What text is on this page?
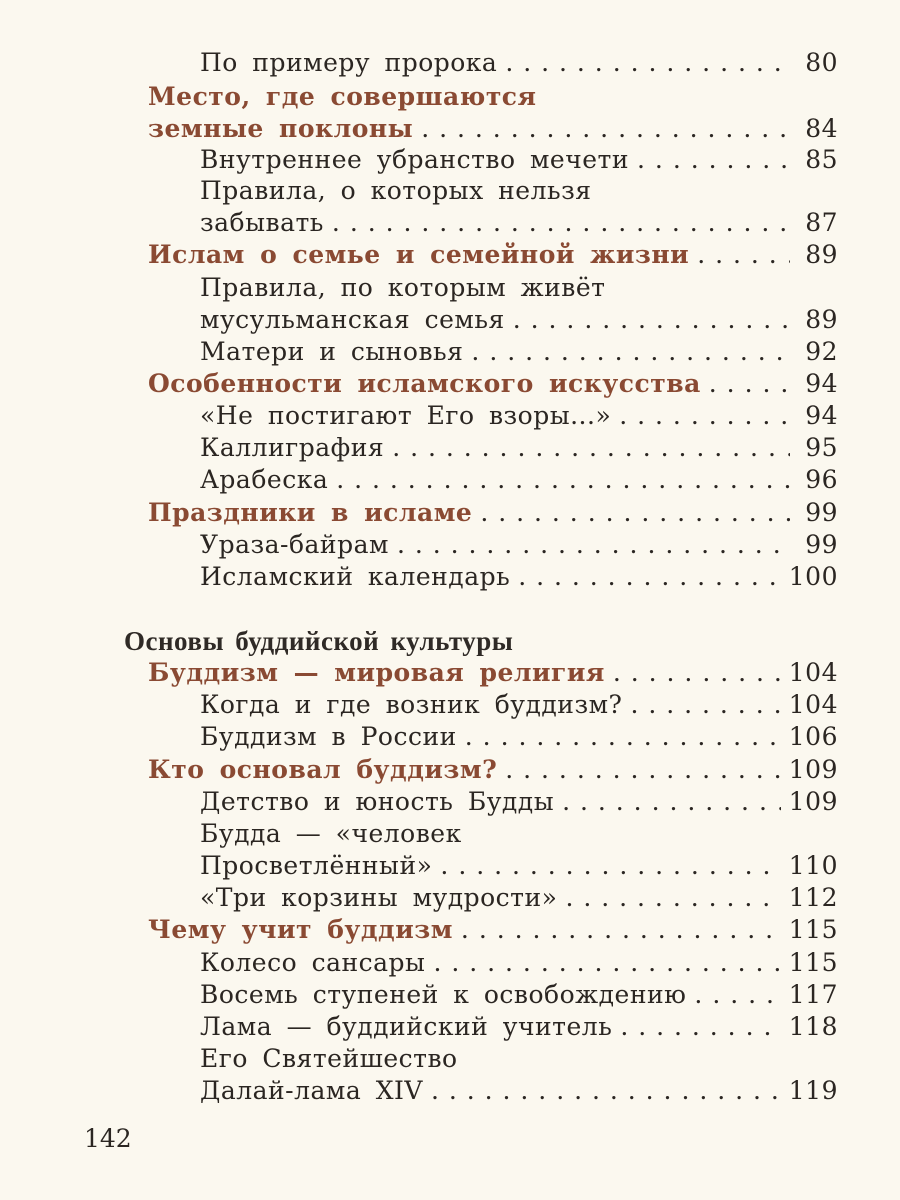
По примеру пророка . . .	80
Место, где совершаются
земные поклоны . . .	84
Внутреннее убранство мечети . . .	85
Правила, о которых нельзя
забывать . . .	87
Ислам о семье и семейной жизни . . .	89
Правила, по которым живёт
мусульманская семья . . .	89
Матери и сыновья . . .	92
Особенности исламского искусства . . .	94
«Не постигают Его взоры...» . . .	94
Каллиграфия . . .	95
Арабеска . . .	96
Праздники в исламе . . .	99
Ураза-байрам . . .	99
Исламский календарь . . .	100
Основы буддийской культуры
Буддизм — мировая религия . . .	104
Когда и где возник буддизм? . . .	104
Буддизм в России . . .	106
Кто основал буддизм? . . .	109
Детство и юность Будды . . .	109
Будда — «человек
Просветлённый» . . .	110
«Три корзины мудрости» . . .	112
Чему учит буддизм . . .	115
Колесо сансары . . .	115
Восемь ступеней к освобождению . . .	117
Лама — буддийский учитель . . .	118
Его Святейшество
Далай-лама XIV . . .	119
142
